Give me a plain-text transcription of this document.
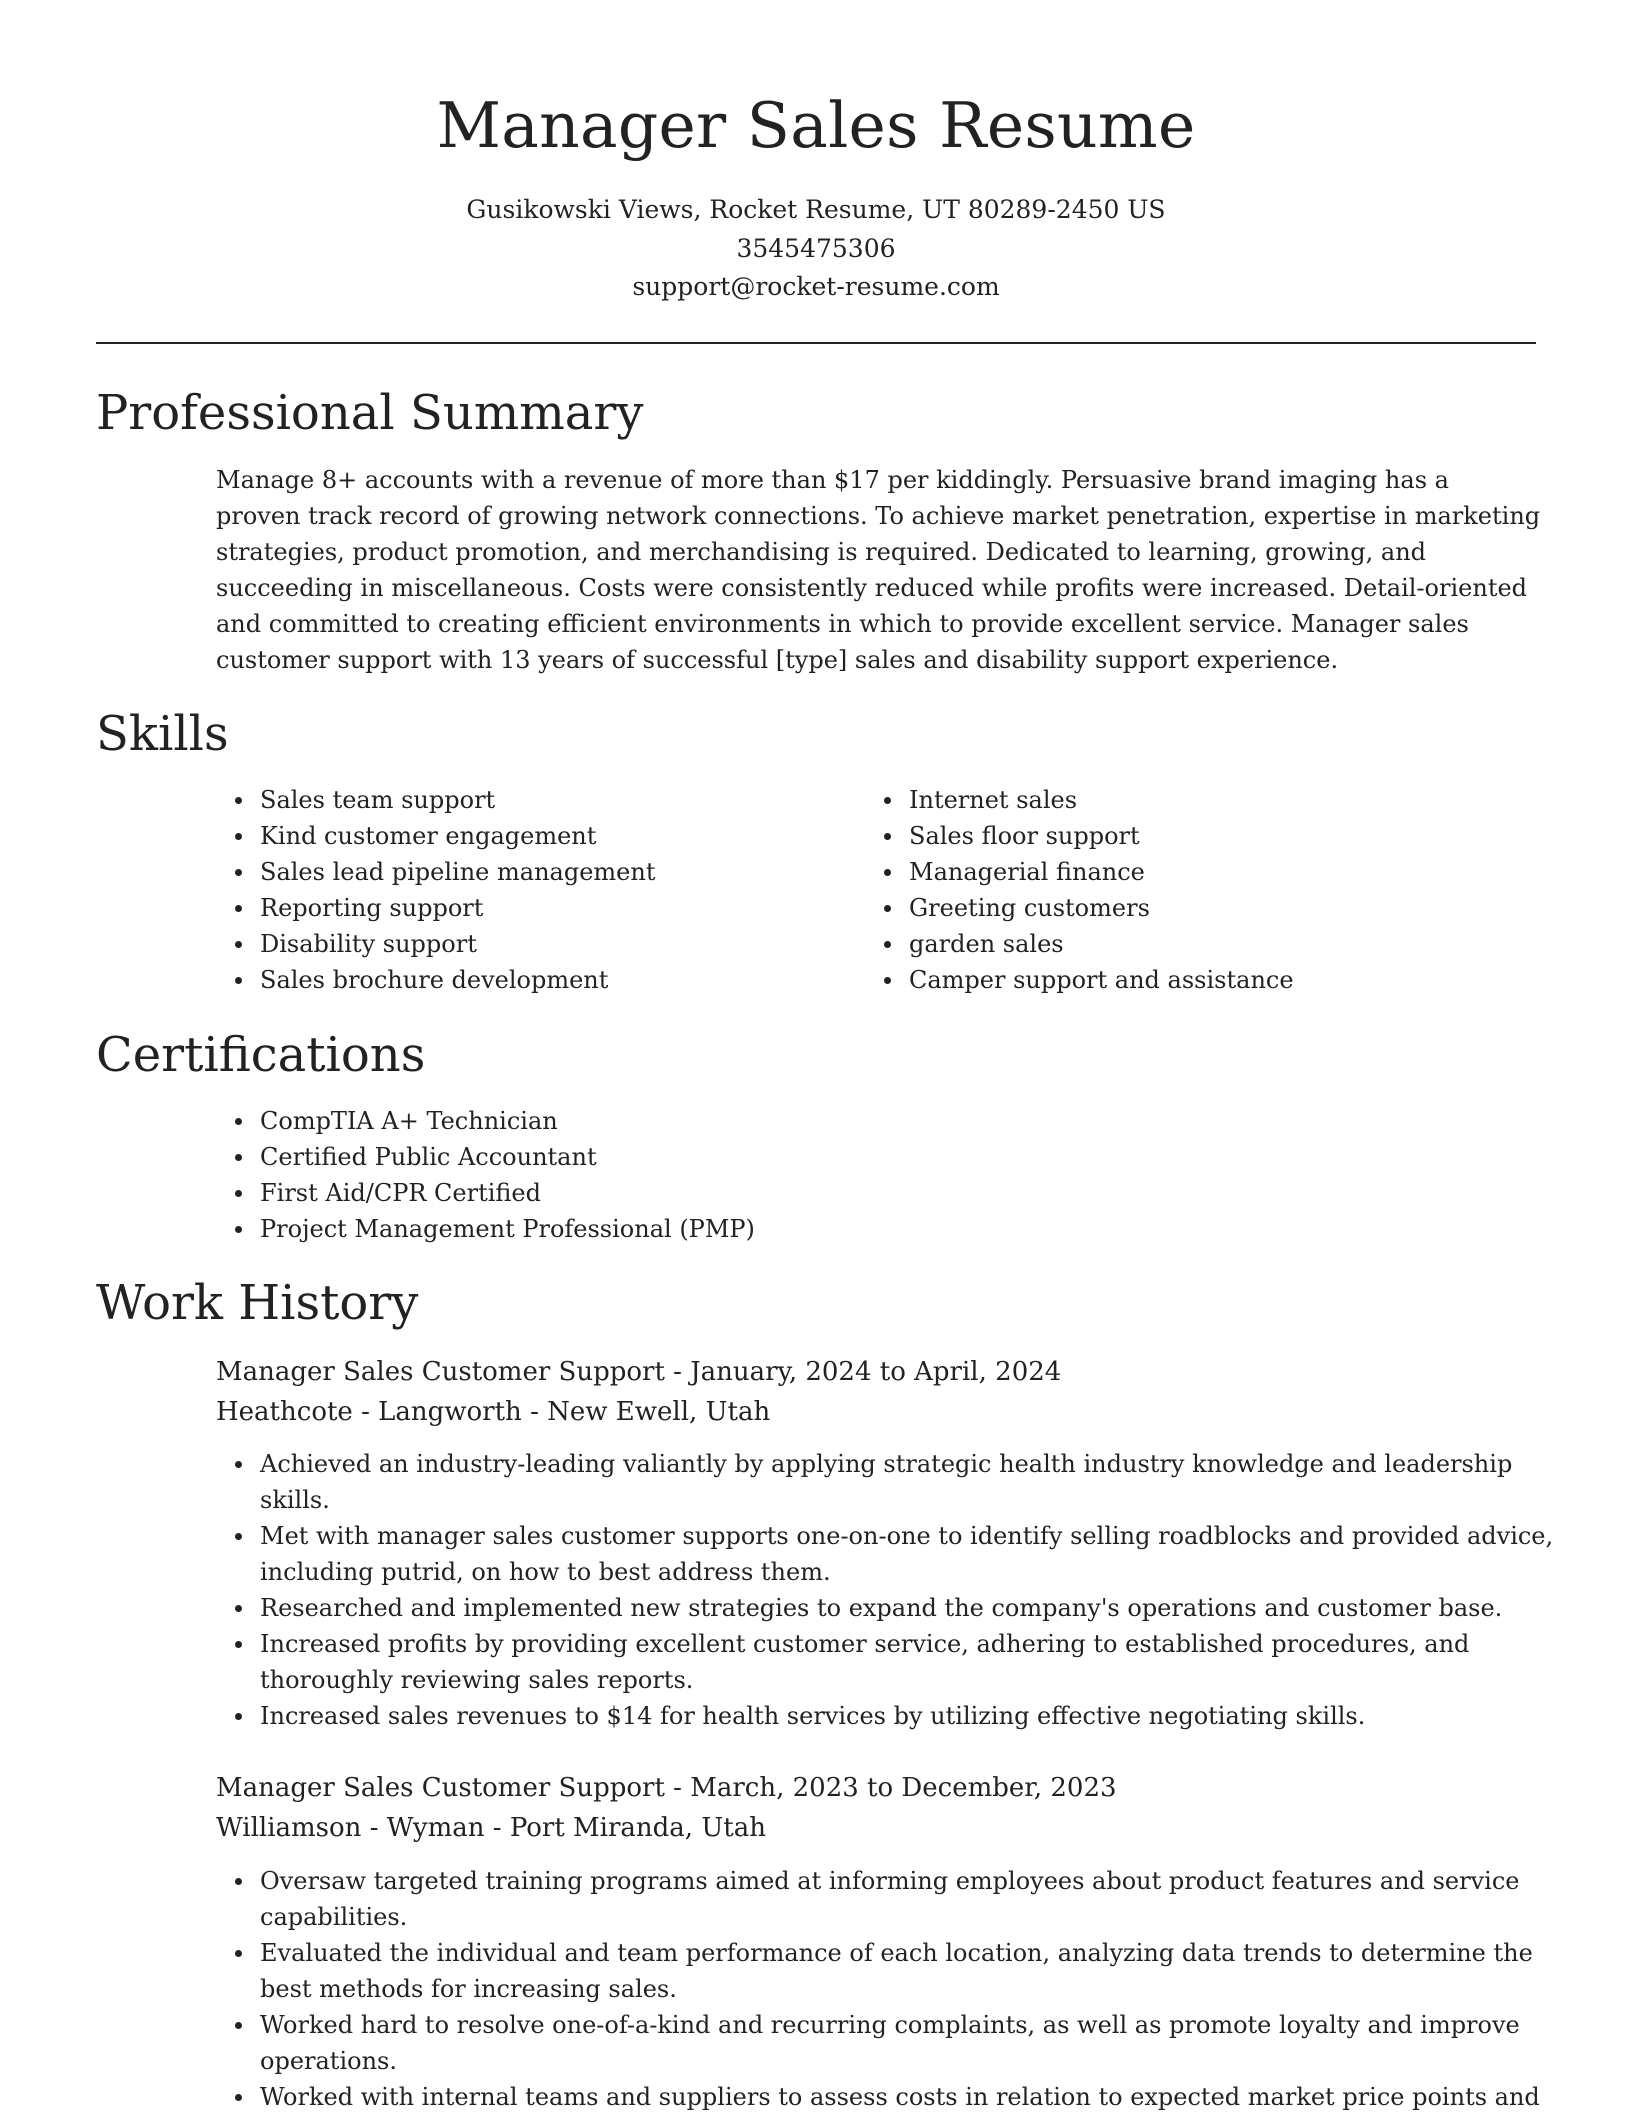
Manager Sales Resume
Gusikowski Views, Rocket Resume, UT 80289-2450 US
3545475306
support@rocket-resume.com
Professional Summary

Manage 8+ accounts with a revenue of more than $17 per kiddingly. Persuasive brand imaging has a proven track record of growing network connections. To achieve market penetration, expertise in marketing strategies, product promotion, and merchandising is required. Dedicated to learning, growing, and succeeding in miscellaneous. Costs were consistently reduced while profits were increased. Detail-oriented and committed to creating efficient environments in which to provide excellent service. Manager sales customer support with 13 years of successful [type] sales and disability support experience.

Skills
Sales team support
Kind customer engagement
Sales lead pipeline management
Reporting support
Disability support
Sales brochure development
Internet sales
Sales floor support
Managerial finance
Greeting customers
garden sales
Camper support and assistance
Certifications
CompTIA A+ Technician
Certified Public Accountant
First Aid/CPR Certified
Project Management Professional (PMP)
Work History
Manager Sales Customer Support - January, 2024 to April, 2024
Heathcote - Langworth - New Ewell, Utah
Achieved an industry-leading valiantly by applying strategic health industry knowledge and leadership skills.
Met with manager sales customer supports one-on-one to identify selling roadblocks and provided advice, including putrid, on how to best address them.
Researched and implemented new strategies to expand the company's operations and customer base.
Increased profits by providing excellent customer service, adhering to established procedures, and thoroughly reviewing sales reports.
Increased sales revenues to $14 for health services by utilizing effective negotiating skills.
Manager Sales Customer Support - March, 2023 to December, 2023
Williamson - Wyman - Port Miranda, Utah
Oversaw targeted training programs aimed at informing employees about product features and service capabilities.
Evaluated the individual and team performance of each location, analyzing data trends to determine the best methods for increasing sales.
Worked hard to resolve one-of-a-kind and recurring complaints, as well as promote loyalty and improve operations.
Worked with internal teams and suppliers to assess costs in relation to expected market price points and
